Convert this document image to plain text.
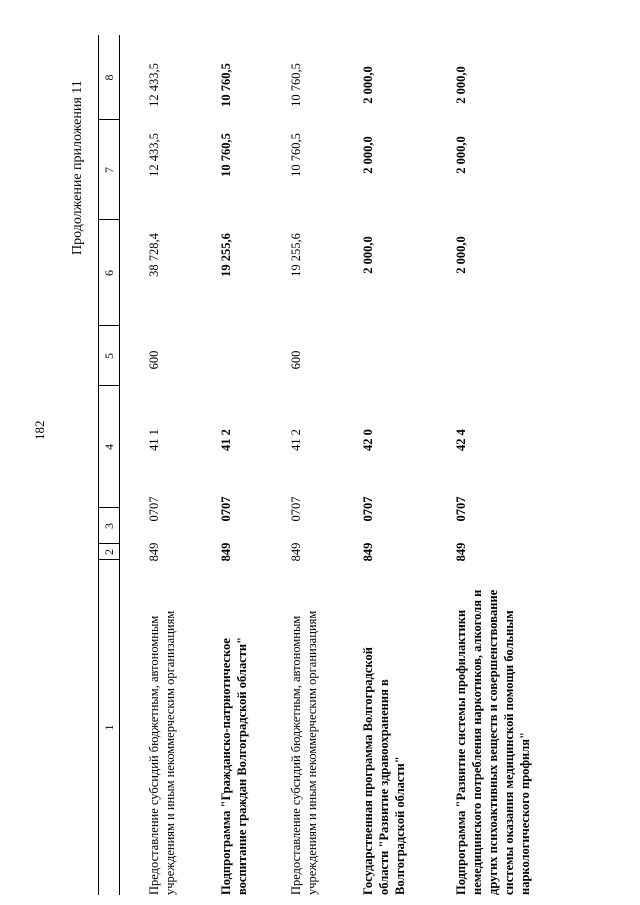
182
Продолжение приложения 11
1
2
3
4
5
6
7
8
Предоставление субсидий бюджетным, автономным учреждениям и иным некоммерческим организациям
849
0707
41 1
600
38 728,4
12 433,5
12 433,5
Подпрограмма "Гражданско-патриотическое воспитание граждан Волгоградской области"
849
0707
41 2
19 255,6
10 760,5
10 760,5
Предоставление субсидий бюджетным, автономным учреждениям и иным некоммерческим организациям
849
0707
41 2
600
19 255,6
10 760,5
10 760,5
Государственная программа Волгоградской области "Развитие здравоохранения в Волгоградской области"
849
0707
42 0
2 000,0
2 000,0
2 000,0
Подпрограмма "Развитие системы профилактики немедицинского потребления наркотиков, алкоголя и других психоактивных веществ и совершенствование системы оказания медицинской помощи больным наркологического профиля"
849
0707
42 4
2 000,0
2 000,0
2 000,0
